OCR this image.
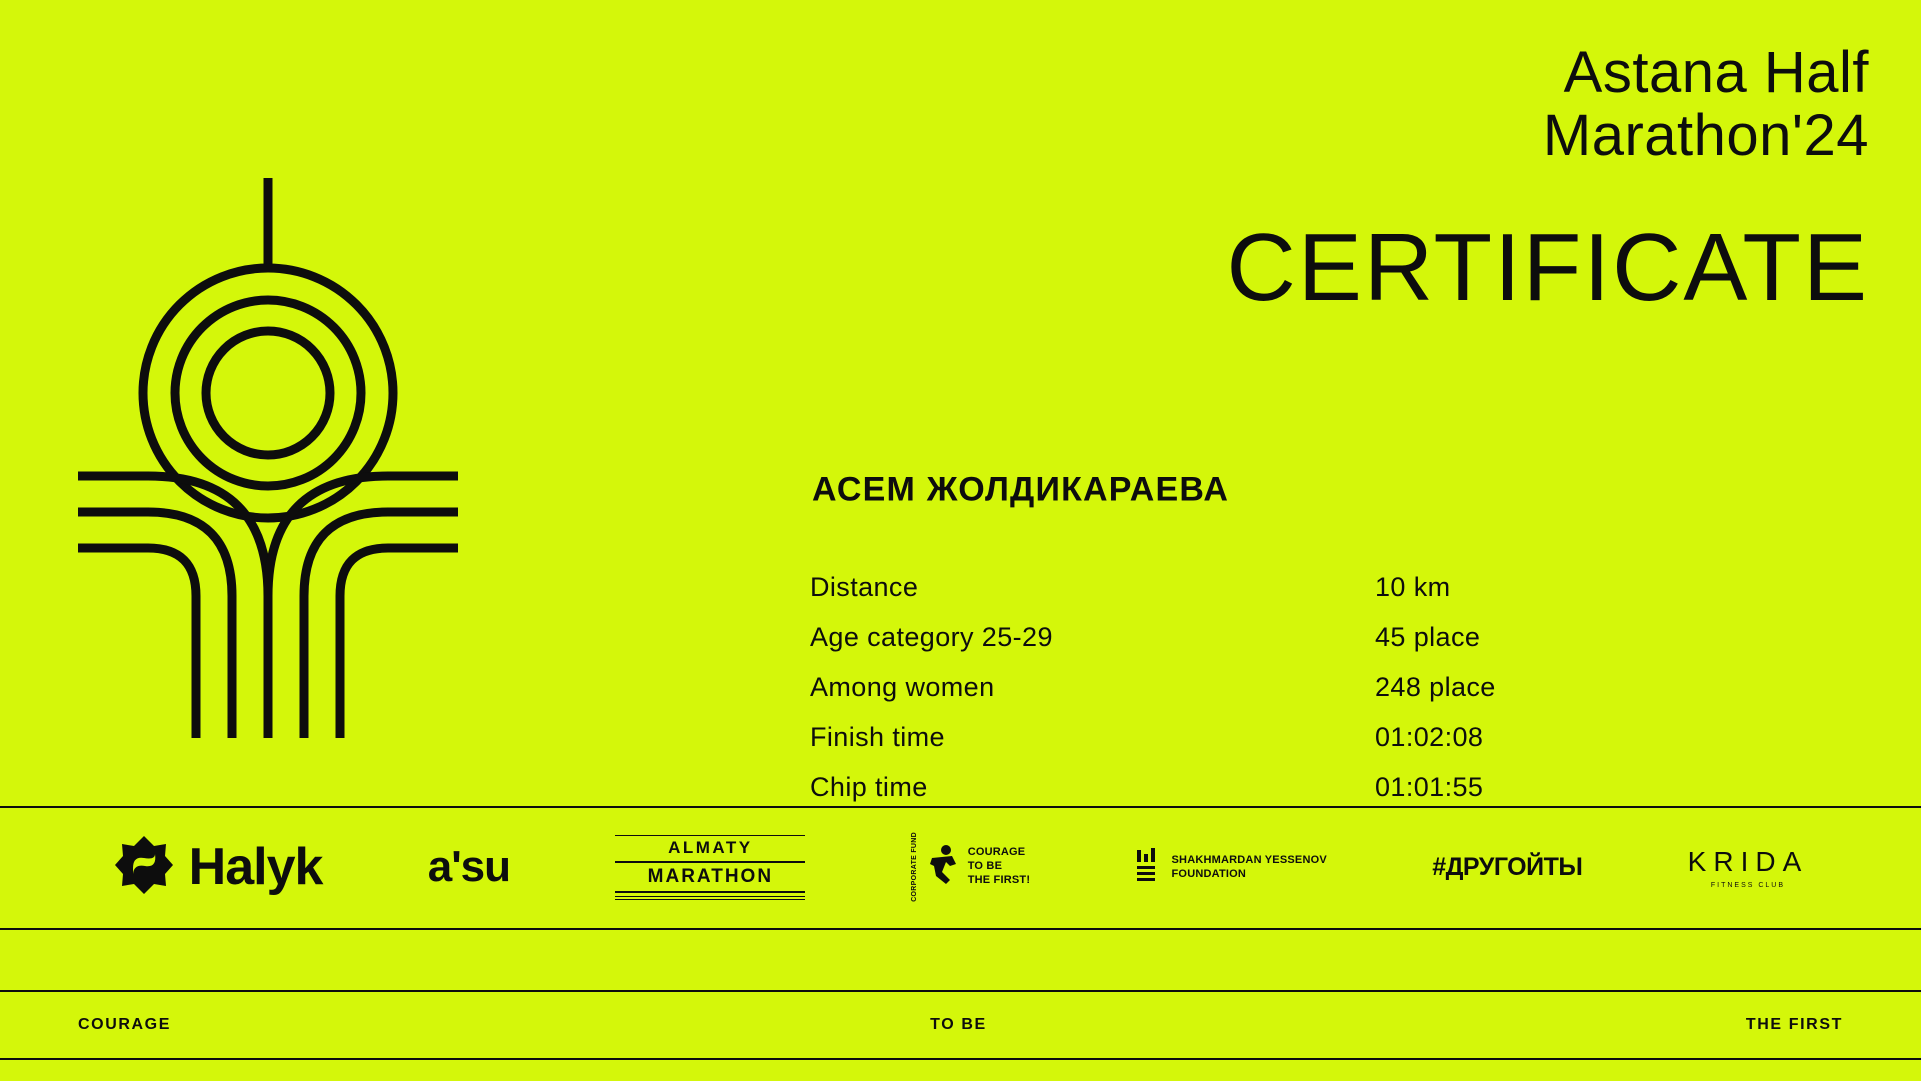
Astana Half
Marathon'24
CERTIFICATE
АСЕМ ЖОЛДИКАРАЕВА
Distance	10 km
Age category 25-29	45 place
Among women	248 place
Finish time	01:02:08
Chip time	01:01:55
Halyk a'su	ALMATY
MARATHON	CORPORATE FUND	COURAGE
TO BE
THE FIRST!
SHAKHMARDAN YESSENOV
FOUNDATION	#ДРУГОЙТЫ	KRIDA
FITNESS CLUB
COURAGE	TO BE	THE FIRST
